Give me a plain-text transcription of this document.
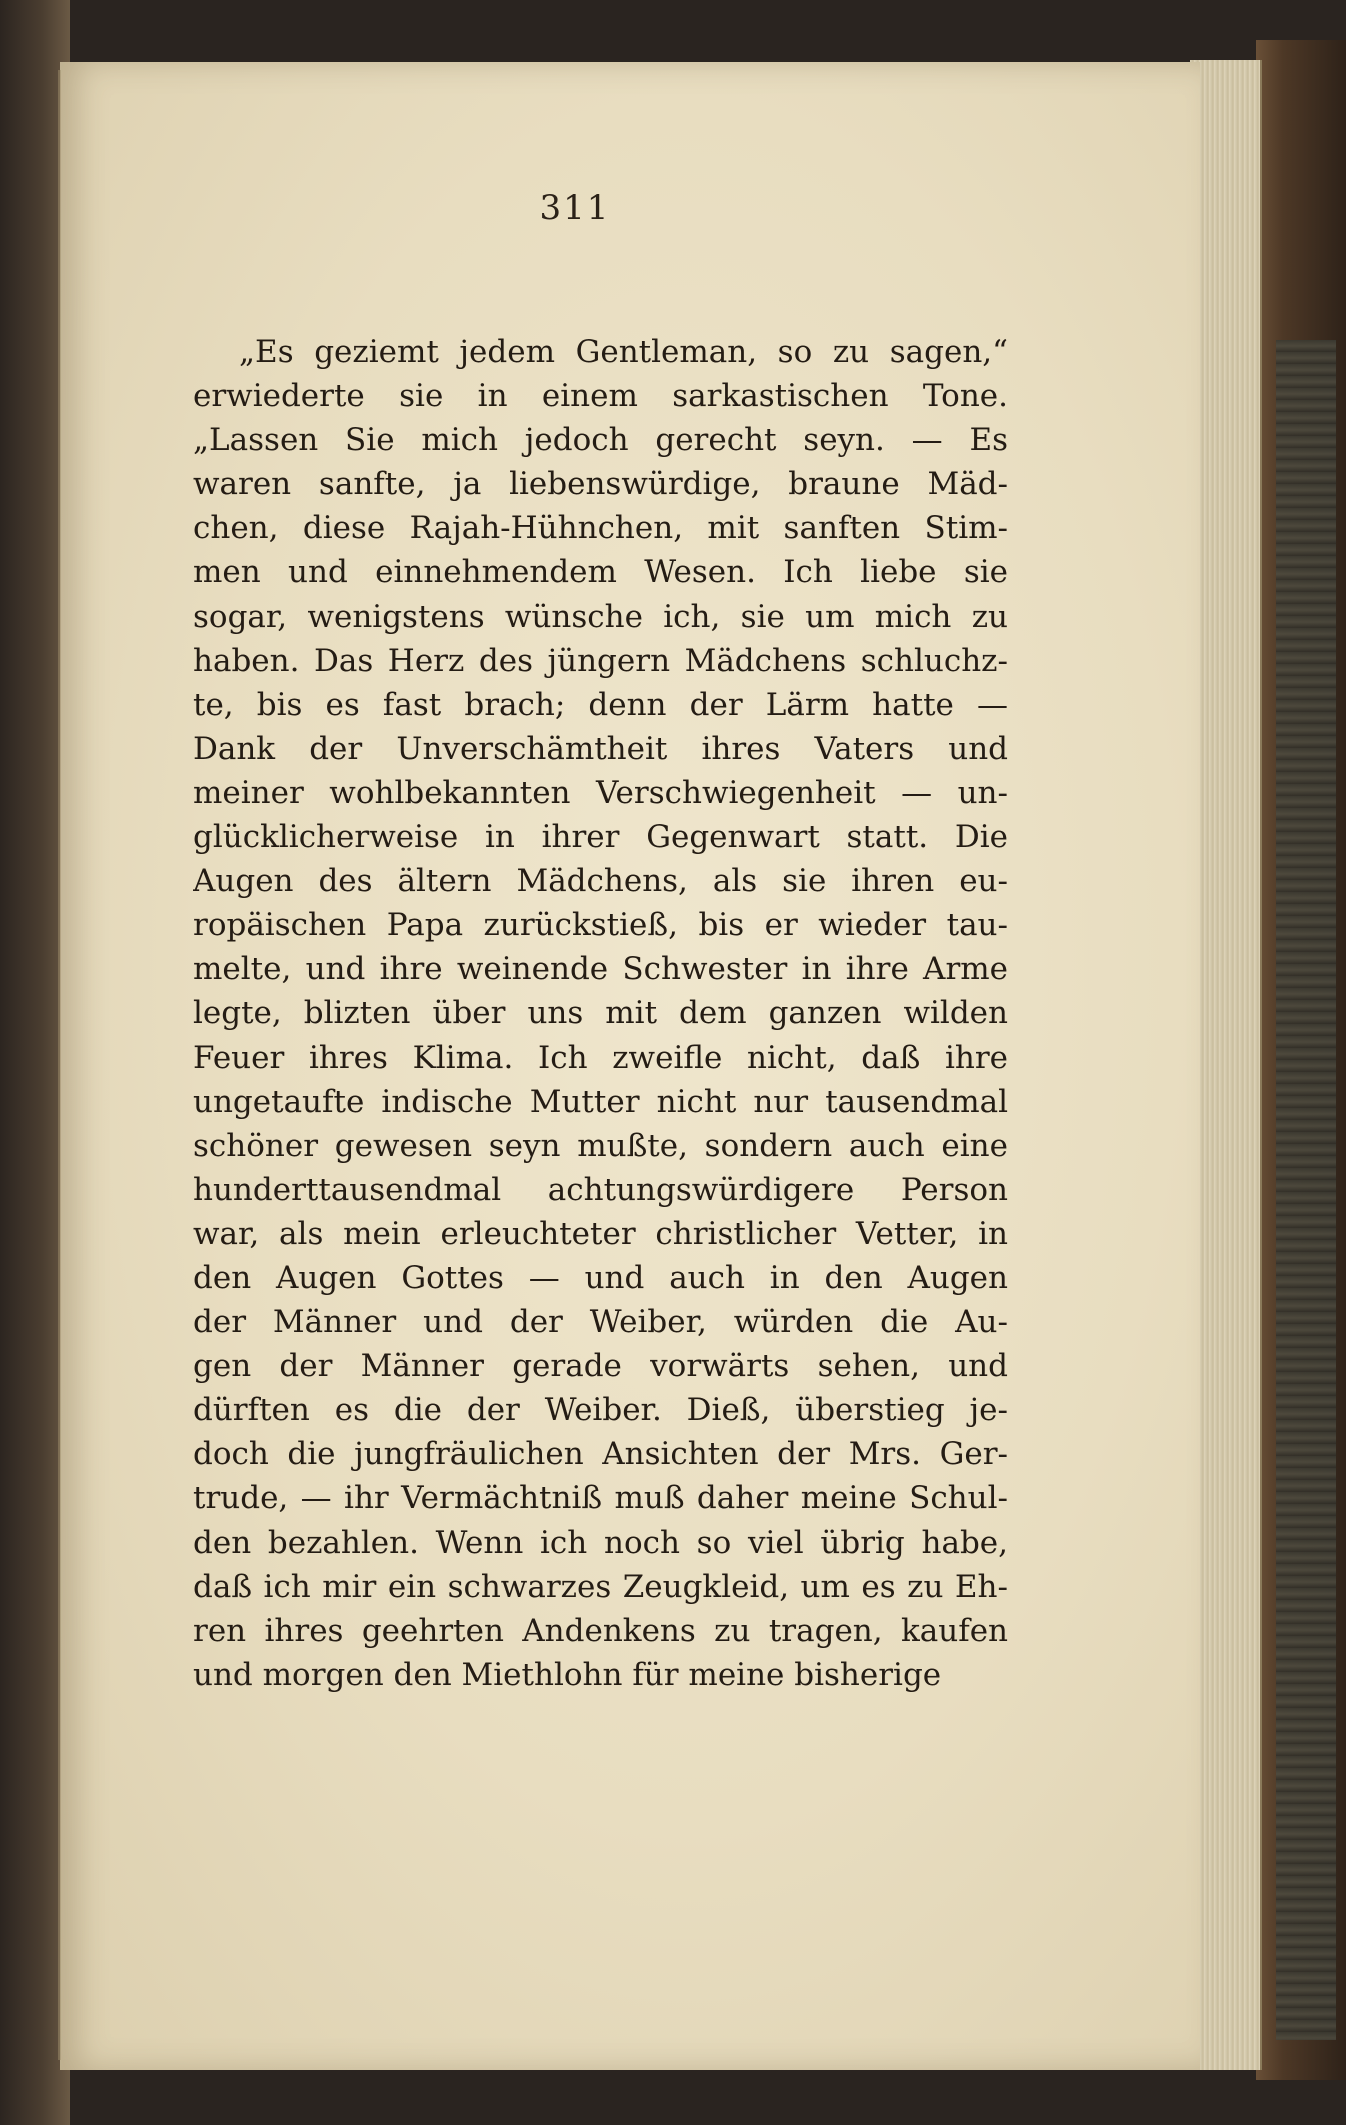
311
„Es geziemt jedem Gentleman, so zu sagen,“
erwiederte sie in einem sarkastischen Tone.
„Lassen Sie mich jedoch gerecht seyn. — Es
waren sanfte, ja liebenswürdige, braune Mäd-
chen, diese Rajah-Hühnchen, mit sanften Stim-
men und einnehmendem Wesen. Ich liebe sie
sogar, wenigstens wünsche ich, sie um mich zu
haben. Das Herz des jüngern Mädchens schluchz-
te, bis es fast brach; denn der Lärm hatte —
Dank der Unverschämtheit ihres Vaters und
meiner wohlbekannten Verschwiegenheit — un-
glücklicherweise in ihrer Gegenwart statt. Die
Augen des ältern Mädchens, als sie ihren eu-
ropäischen Papa zurückstieß, bis er wieder tau-
melte, und ihre weinende Schwester in ihre Arme
legte, blizten über uns mit dem ganzen wilden
Feuer ihres Klima. Ich zweifle nicht, daß ihre
ungetaufte indische Mutter nicht nur tausendmal
schöner gewesen seyn mußte, sondern auch eine
hunderttausendmal achtungswürdigere Person
war, als mein erleuchteter christlicher Vetter, in
den Augen Gottes — und auch in den Augen
der Männer und der Weiber, würden die Au-
gen der Männer gerade vorwärts sehen, und
dürften es die der Weiber. Dieß, überstieg je-
doch die jungfräulichen Ansichten der Mrs. Ger-
trude, — ihr Vermächtniß muß daher meine Schul-
den bezahlen. Wenn ich noch so viel übrig habe,
daß ich mir ein schwarzes Zeugkleid, um es zu Eh-
ren ihres geehrten Andenkens zu tragen, kaufen
und morgen den Miethlohn für meine bisherige
